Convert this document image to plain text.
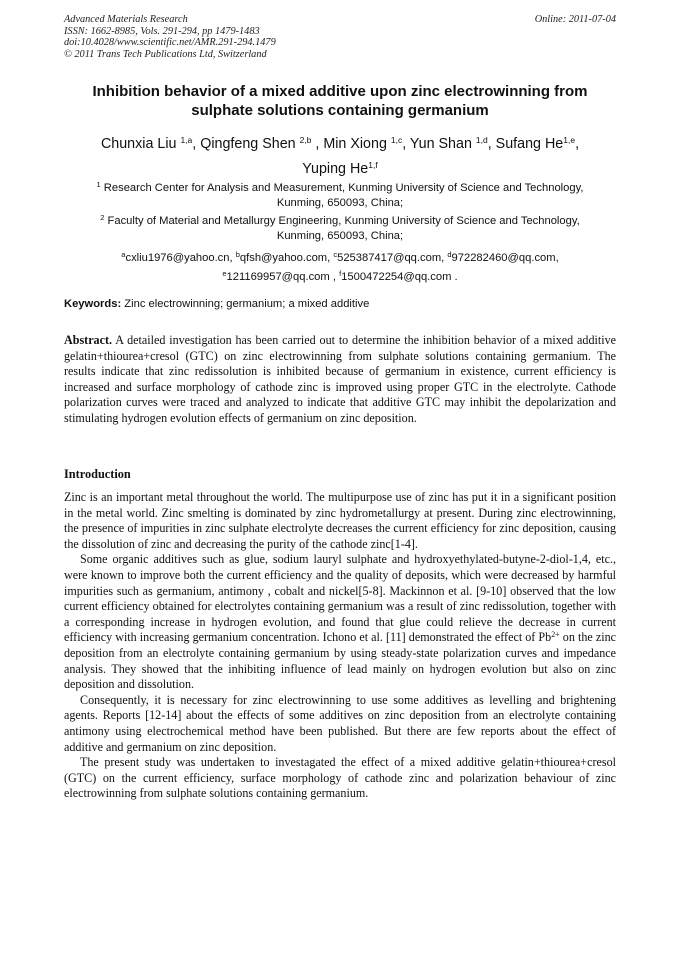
Advanced Materials Research
ISSN: 1662-8985, Vols. 291-294, pp 1479-1483
doi:10.4028/www.scientific.net/AMR.291-294.1479
© 2011 Trans Tech Publications Ltd, Switzerland
Online: 2011-07-04
Inhibition behavior of a mixed additive upon zinc electrowinning from
sulphate solutions containing germanium
Chunxia Liu $^{1,a}$, Qingfeng Shen $^{2,b}$ , Min Xiong $^{1,c}$, Yun Shan $^{1,d}$, Sufang He$^{1,e}$,
Yuping He$^{1,f}$
$^1$ Research Center for Analysis and Measurement, Kunming University of Science and Technology,
Kunming, 650093, China;
$^2$ Faculty of Material and Metallurgy Engineering, Kunming University of Science and Technology,
Kunming, 650093, China;
$^a$cxliu1976@yahoo.cn, $^b$qfsh@yahoo.com, $^c$525387417@qq.com, $^d$972282460@qq.com,
$^e$121169957@qq.com , $^f$1500472254@qq.com .
Keywords: Zinc electrowinning; germanium; a mixed additive
Abstract. A detailed investigation has been carried out to determine the inhibition behavior of a mixed additive gelatin+thiourea+cresol (GTC) on zinc electrowinning from sulphate solutions containing germanium. The results indicate that zinc redissolution is inhibited because of germanium in existence, current efficiency is increased and surface morphology of cathode zinc is improved using proper GTC in the electrolyte. Cathode polarization curves were traced and analyzed to indicate that additive GTC may inhibit the depolarization and stimulating hydrogen evolution effects of germanium on zinc deposition.
Introduction

Zinc is an important metal throughout the world. The multipurpose use of zinc has put it in a significant position in the metal world. Zinc smelting is dominated by zinc hydrometallurgy at present. During zinc electrowinning, the presence of impurities in zinc sulphate electrolyte decreases the current efficiency for zinc deposition, causing the dissolution of zinc and decreasing the purity of the cathode zinc[1-4].

Some organic additives such as glue, sodium lauryl sulphate and hydroxyethylated-butyne-2-diol-1,4, etc., were known to improve both the current efficiency and the quality of deposits, which were decreased by harmful impurities such as germanium, antimony , cobalt and nickel[5-8]. Mackinnon et al. [9-10] observed that the low current efficiency obtained for electrolytes containing germanium was a result of zinc redissolution, together with a corresponding increase in hydrogen evolution, and found that glue could relieve the decrease in current efficiency with increasing germanium concentration. Ichono et al. [11] demonstrated the effect of $Pb^{2+}$ on the zinc deposition from an electrolyte containing germanium by using steady-state polarization curves and impedance analysis. They showed that the inhibiting influence of lead mainly on hydrogen evolution but also on zinc deposition and dissolution.

Consequently, it is necessary for zinc electrowinning to use some additives as levelling and brightening agents. Reports [12-14] about the effects of some additives on zinc deposition from an electrolyte containing antimony using electrochemical method have been published. But there are few reports about the effect of additive and germanium on zinc deposition.

The present study was undertaken to investagated the effect of a mixed additive gelatin+thiourea+cresol (GTC) on the current efficiency, surface morphology of cathode zinc and polarization behaviour of zinc electrowinning from sulphate solutions containing germanium.
